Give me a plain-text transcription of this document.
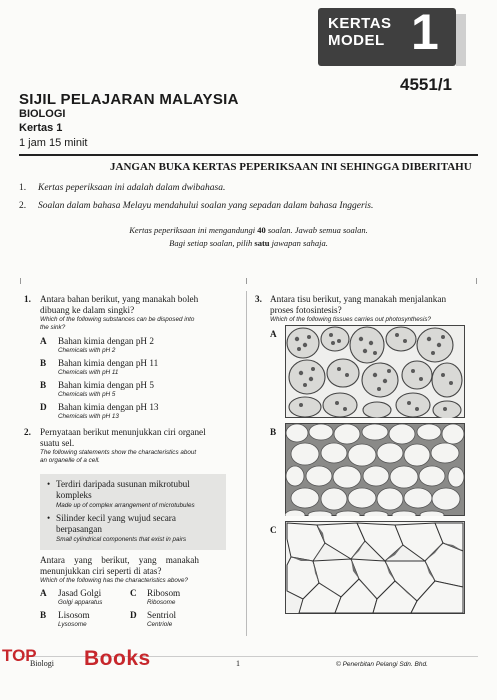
KERTAS
MODEL 1
4551/1
SIJIL PELAJARAN MALAYSIA
BIOLOGI
Kertas 1
1 jam 15 minit
JANGAN BUKA KERTAS PEPERIKSAAN INI SEHINGGA DIBERITAHU
1. Kertas peperiksaan ini adalah dalam dwibahasa.
2. Soalan dalam bahasa Melayu mendahului soalan yang sepadan dalam bahasa Inggeris.
Kertas peperiksaan ini mengandungi 40 soalan. Jawab semua soalan.
Bagi setiap soalan, pilih satu jawapan sahaja.
1. Antara bahan berikut, yang manakah boleh
dibuang ke dalam singki?
Which of the following substances can be disposed into
the sink?
A Bahan kimia dengan pH 2
Chemicals with pH 2
B Bahan kimia dengan pH 11
Chemicals with pH 11
B Bahan kimia dengan pH 5
Chemicals with pH 5
D Bahan kimia dengan pH 13
Chemicals with pH 13
2. Pernyataan berikut menunjukkan ciri organel
suatu sel.
The following statements show the characteristics about
an organelle of a cell.
• Terdiri daripada susunan mikrotubul
kompleks
Made up of complex arrangement of microtubules
• Silinder kecil yang wujud secara
berpasangan
Small cylindrical components that exist in pairs
Antara    yang    berikut,    yang    manakah
menunjukkan ciri seperti di atas?
Which of the following has the characteristics above?
A Jasad Golgi
Golgi apparatus
C Ribosom
Ribosome
B Lisosom
Lysosome
D Sentriol
Centriole
3. Antara tisu berikut, yang manakah menjalankan
proses fotosintesis?
Which of the following tissues carries out photosynthesis?
A
B
C
Biologi	1	© Penerbitan Pelangi Sdn. Bhd.
TOP Books
